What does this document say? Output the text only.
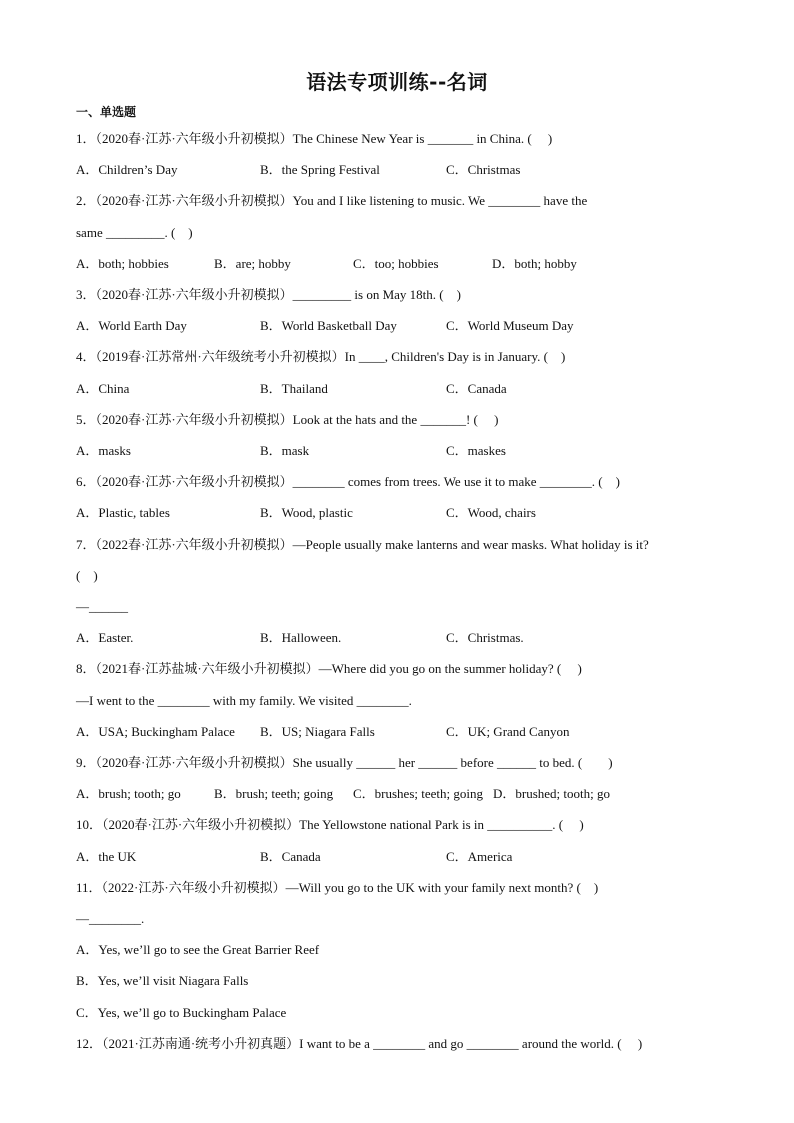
语法专项训练--名词
一、单选题
1．（2020春·江苏·六年级小升初模拟）The Chinese New Year is _______ in China. (　 )
A．Children’s Day	B．the Spring Festival	C．Christmas
2．（2020春·江苏·六年级小升初模拟）You and I like listening to music. We ________ have the
same _________. (　)
A．both; hobbies	B．are; hobby	C．too; hobbies	D．both; hobby
3．（2020春·江苏·六年级小升初模拟）_________ is on May 18th. (　)
A．World Earth Day	B．World Basketball Day	C．World Museum Day
4．（2019春·江苏常州·六年级统考小升初模拟）In ____, Children's Day is in January. (　)
A．China	B．Thailand	C．Canada
5．（2020春·江苏·六年级小升初模拟）Look at the hats and the _______! (　 )
A．masks	B．mask	C．maskes
6．（2020春·江苏·六年级小升初模拟）________ comes from trees. We use it to make ________. (　)
A．Plastic, tables	B．Wood, plastic	C．Wood, chairs
7．（2022春·江苏·六年级小升初模拟）—People usually make lanterns and wear masks. What holiday is it?
(　)
—______
A．Easter.	B．Halloween.	C．Christmas.
8．（2021春·江苏盐城·六年级小升初模拟）—Where did you go on the summer holiday? (　 )
—I went to the ________ with my family. We visited ________.
A．USA; Buckingham Palace B．US; Niagara Falls	C．UK; Grand Canyon
9．（2020春·江苏·六年级小升初模拟）She usually ______ her ______ before ______ to bed. (　　)
A．brush; tooth; go	B．brush; teeth; going C．brushes; teeth; going D．brushed; tooth; go
10．（2020春·江苏·六年级小升初模拟）The Yellowstone national Park is in __________. (　 )
A．the UK	B．Canada	C．America
11．（2022·江苏·六年级小升初模拟）—Will you go to the UK with your family next month? (　)
—________.
A．Yes, we’ll go to see the Great Barrier Reef
B．Yes, we’ll visit Niagara Falls
C．Yes, we’ll go to Buckingham Palace
12．（2021·江苏南通·统考小升初真题）I want to be a ________ and go ________ around the world. (　 )
